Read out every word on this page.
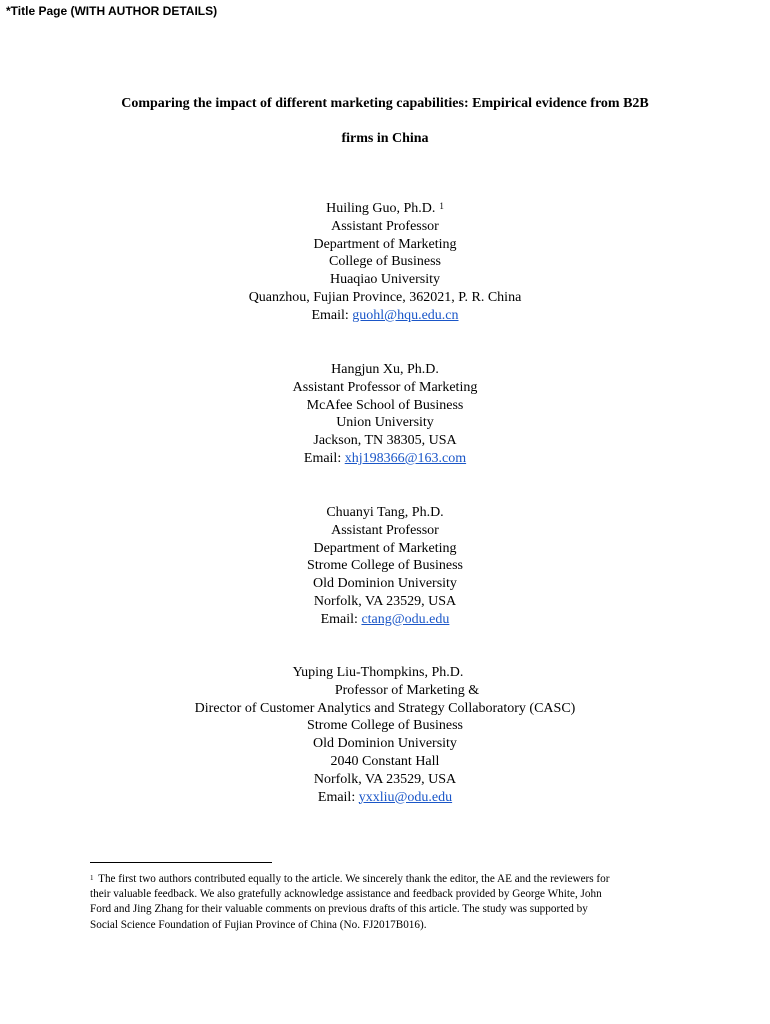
*Title Page (WITH AUTHOR DETAILS)
Comparing the impact of different marketing capabilities: Empirical evidence from B2B
firms in China
Huiling Guo, Ph.D. $^1$
Assistant Professor
Department of Marketing
College of Business
Huaqiao University
Quanzhou, Fujian Province, 362021, P. R. China
Email: guohl@hqu.edu.cn
Hangjun Xu, Ph.D.
Assistant Professor of Marketing
McAfee School of Business
Union University
Jackson, TN 38305, USA
Email: xhj198366@163.com
Chuanyi Tang, Ph.D.
Assistant Professor
Department of Marketing
Strome College of Business
Old Dominion University
Norfolk, VA 23529, USA
Email: ctang@odu.edu
Yuping Liu-Thompkins, Ph.D.
Professor of Marketing &
Director of Customer Analytics and Strategy Collaboratory (CASC)
Strome College of Business
Old Dominion University
2040 Constant Hall
Norfolk, VA 23529, USA
Email: yxxliu@odu.edu
$^1$ The first two authors contributed equally to the article. We sincerely thank the editor, the AE and the reviewers for
their valuable feedback. We also gratefully acknowledge assistance and feedback provided by George White, John
Ford and Jing Zhang for their valuable comments on previous drafts of this article. The study was supported by
Social Science Foundation of Fujian Province of China (No. FJ2017B016).
